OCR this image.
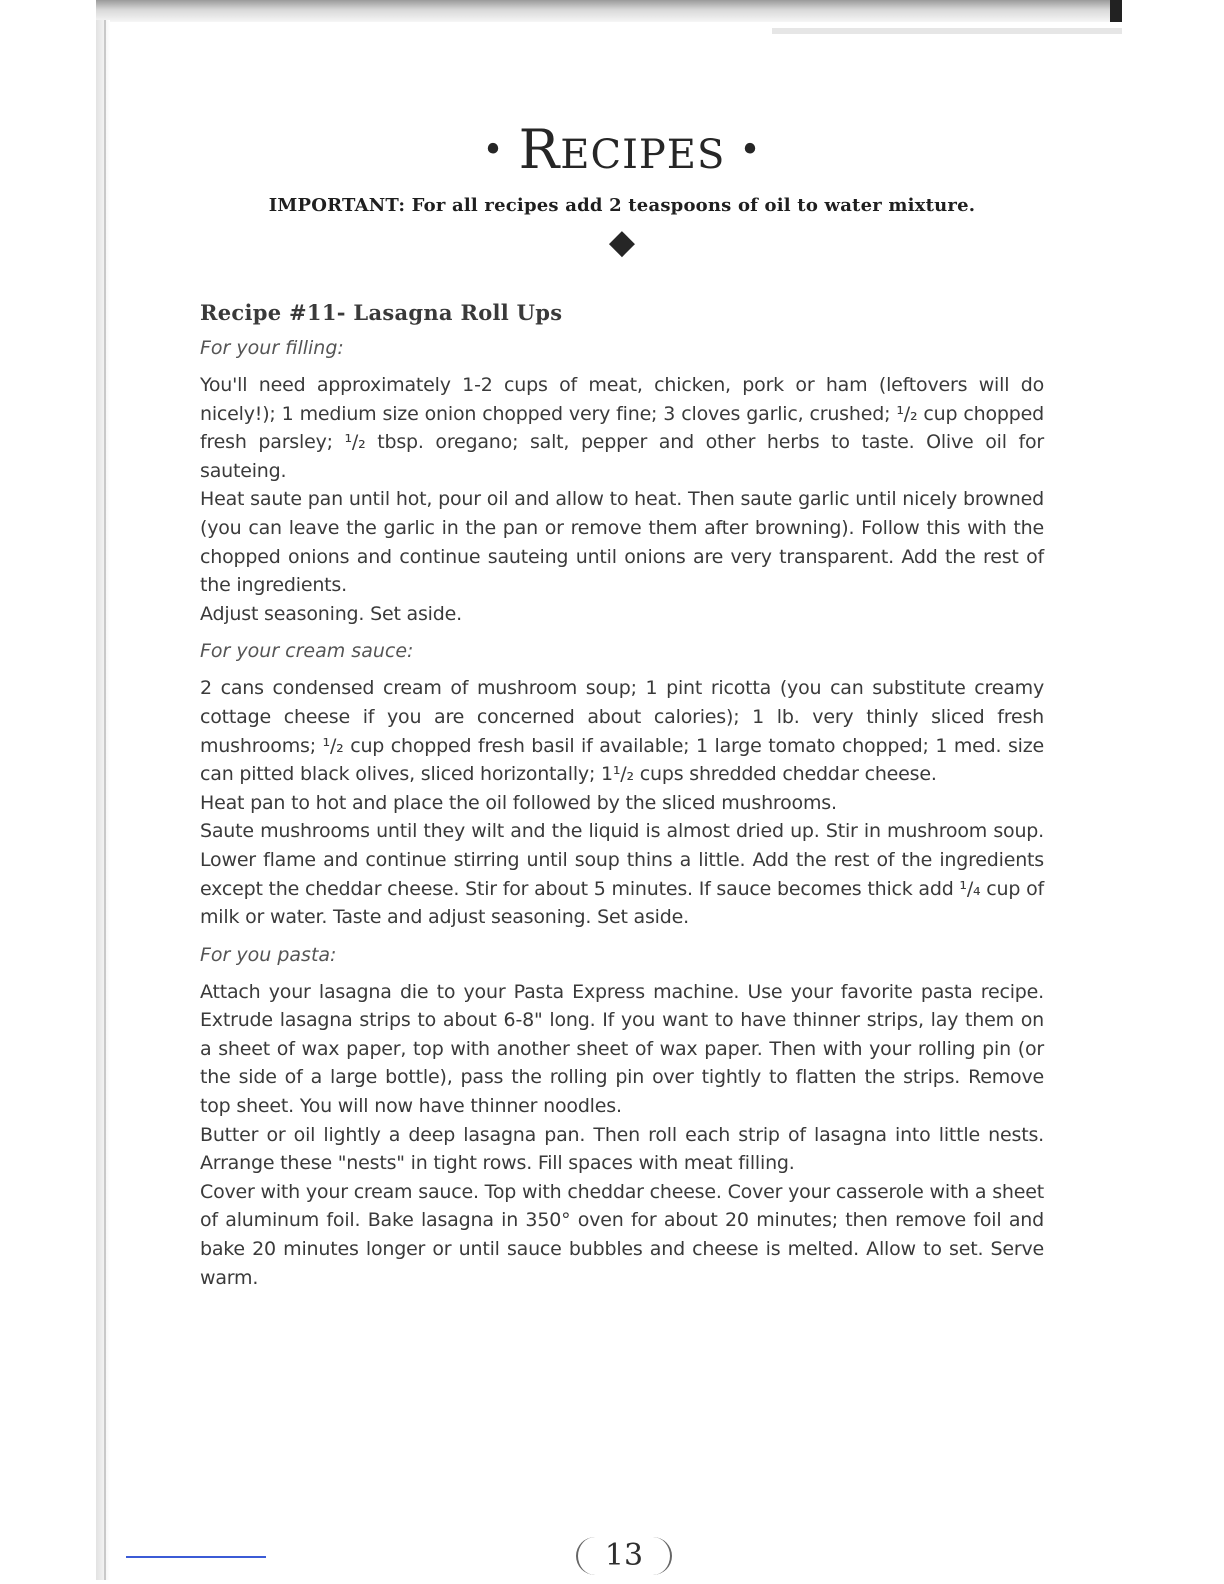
• RECIPES •

IMPORTANT: For all recipes add 2 teaspoons of oil to water mixture.

◆
Recipe #11- Lasagna Roll Ups

For your filling:

You'll need approximately 1-2 cups of meat, chicken, pork or ham (leftovers will do nicely!); 1 medium size onion chopped very fine; 3 cloves garlic, crushed; ¹/₂ cup chopped fresh parsley; ¹/₂ tbsp. oregano; salt, pepper and other herbs to taste. Olive oil for sauteing.

Heat saute pan until hot, pour oil and allow to heat. Then saute garlic until nicely browned (you can leave the garlic in the pan or remove them after browning). Follow this with the chopped onions and continue sauteing until onions are very transparent. Add the rest of the ingredients.

Adjust seasoning. Set aside.

For your cream sauce:

2 cans condensed cream of mushroom soup; 1 pint ricotta (you can substitute creamy cottage cheese if you are concerned about calories); 1 lb. very thinly sliced fresh mushrooms; ¹/₂ cup chopped fresh basil if available; 1 large tomato chopped; 1 med. size can pitted black olives, sliced horizontally; 1¹/₂ cups shredded cheddar cheese.

Heat pan to hot and place the oil followed by the sliced mushrooms.

Saute mushrooms until they wilt and the liquid is almost dried up. Stir in mushroom soup. Lower flame and continue stirring until soup thins a little. Add the rest of the ingredients except the cheddar cheese. Stir for about 5 minutes. If sauce becomes thick add ¹/₄ cup of milk or water. Taste and adjust seasoning. Set aside.

For you pasta:

Attach your lasagna die to your Pasta Express machine. Use your favorite pasta recipe. Extrude lasagna strips to about 6-8" long. If you want to have thinner strips, lay them on a sheet of wax paper, top with another sheet of wax paper. Then with your rolling pin (or the side of a large bottle), pass the rolling pin over tightly to flatten the strips. Remove top sheet. You will now have thinner noodles.

Butter or oil lightly a deep lasagna pan. Then roll each strip of lasagna into little nests. Arrange these "nests" in tight rows. Fill spaces with meat filling.

Cover with your cream sauce. Top with cheddar cheese. Cover your casserole with a sheet of aluminum foil. Bake lasagna in 350° oven for about 20 minutes; then remove foil and bake 20 minutes longer or until sauce bubbles and cheese is melted. Allow to set. Serve warm.

13
